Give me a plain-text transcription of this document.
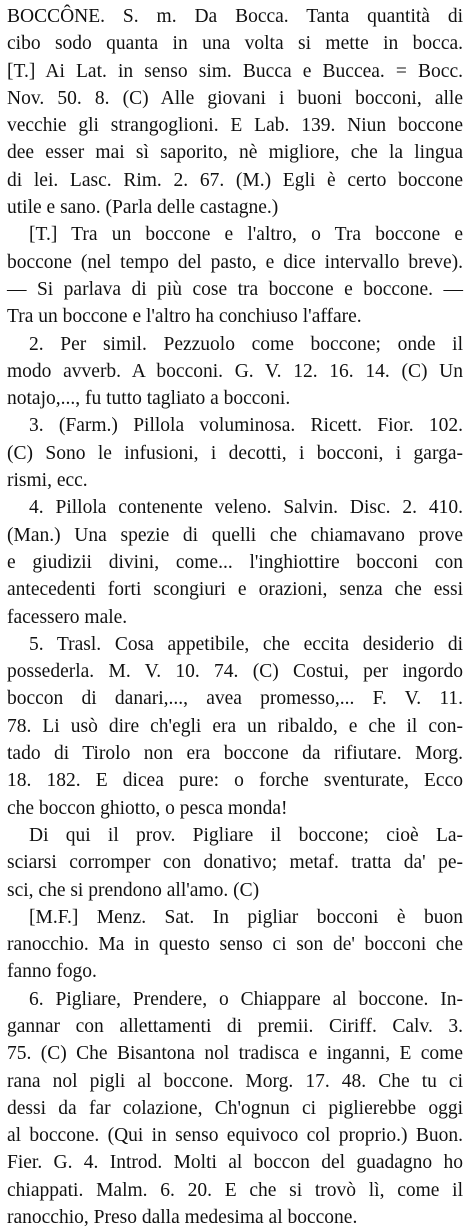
BOCCÔNE. S. m. Da Bocca. Tanta quantità di
cibo sodo quanta in una volta si mette in bocca.
[T.] Ai Lat. in senso sim. Bucca e Buccea. = Bocc.
Nov. 50. 8. (C) Alle giovani i buoni bocconi, alle
vecchie gli strangoglioni. E Lab. 139. Niun boccone
dee esser mai sì saporito, nè migliore, che la lingua
di lei. Lasc. Rim. 2. 67. (M.) Egli è certo boccone
utile e sano. (Parla delle castagne.)
[T.] Tra un boccone e l'altro, o Tra boccone e
boccone (nel tempo del pasto, e dice intervallo breve).
— Si parlava di più cose tra boccone e boccone. —
Tra un boccone e l'altro ha conchiuso l'affare.
2. Per simil. Pezzuolo come boccone; onde il
modo avverb. A bocconi. G. V. 12. 16. 14. (C) Un
notajo,..., fu tutto tagliato a bocconi.
3. (Farm.) Pillola voluminosa. Ricett. Fior. 102.
(C) Sono le infusioni, i decotti, i bocconi, i garga-
rismi, ecc.
4. Pillola contenente veleno. Salvin. Disc. 2. 410.
(Man.) Una spezie di quelli che chiamavano prove
e giudizii divini, come... l'inghiottire bocconi con
antecedenti forti scongiuri e orazioni, senza che essi
facessero male.
5. Trasl. Cosa appetibile, che eccita desiderio di
possederla. M. V. 10. 74. (C) Costui, per ingordo
boccon di danari,..., avea promesso,... F. V. 11.
78. Li usò dire ch'egli era un ribaldo, e che il con-
tado di Tirolo non era boccone da rifiutare. Morg.
18. 182. E dicea pure: o forche sventurate, Ecco
che boccon ghiotto, o pesca monda!
Di qui il prov. Pigliare il boccone; cioè La-
sciarsi corromper con donativo; metaf. tratta da' pe-
sci, che si prendono all'amo. (C)
[M.F.] Menz. Sat. In pigliar bocconi è buon
ranocchio. Ma in questo senso ci son de' bocconi che
fanno fogo.
6. Pigliare, Prendere, o Chiappare al boccone. In-
gannar con allettamenti di premii. Ciriff. Calv. 3.
75. (C) Che Bisantona nol tradisca e inganni, E come
rana nol pigli al boccone. Morg. 17. 48. Che tu ci
dessi da far colazione, Ch'ognun ci piglierebbe oggi
al boccone. (Qui in senso equivoco col proprio.) Buon.
Fier. G. 4. Introd. Molti al boccon del guadagno ho
chiappati. Malm. 6. 20. E che si trovò lì, come il
ranocchio, Preso dalla medesima al boccone.
